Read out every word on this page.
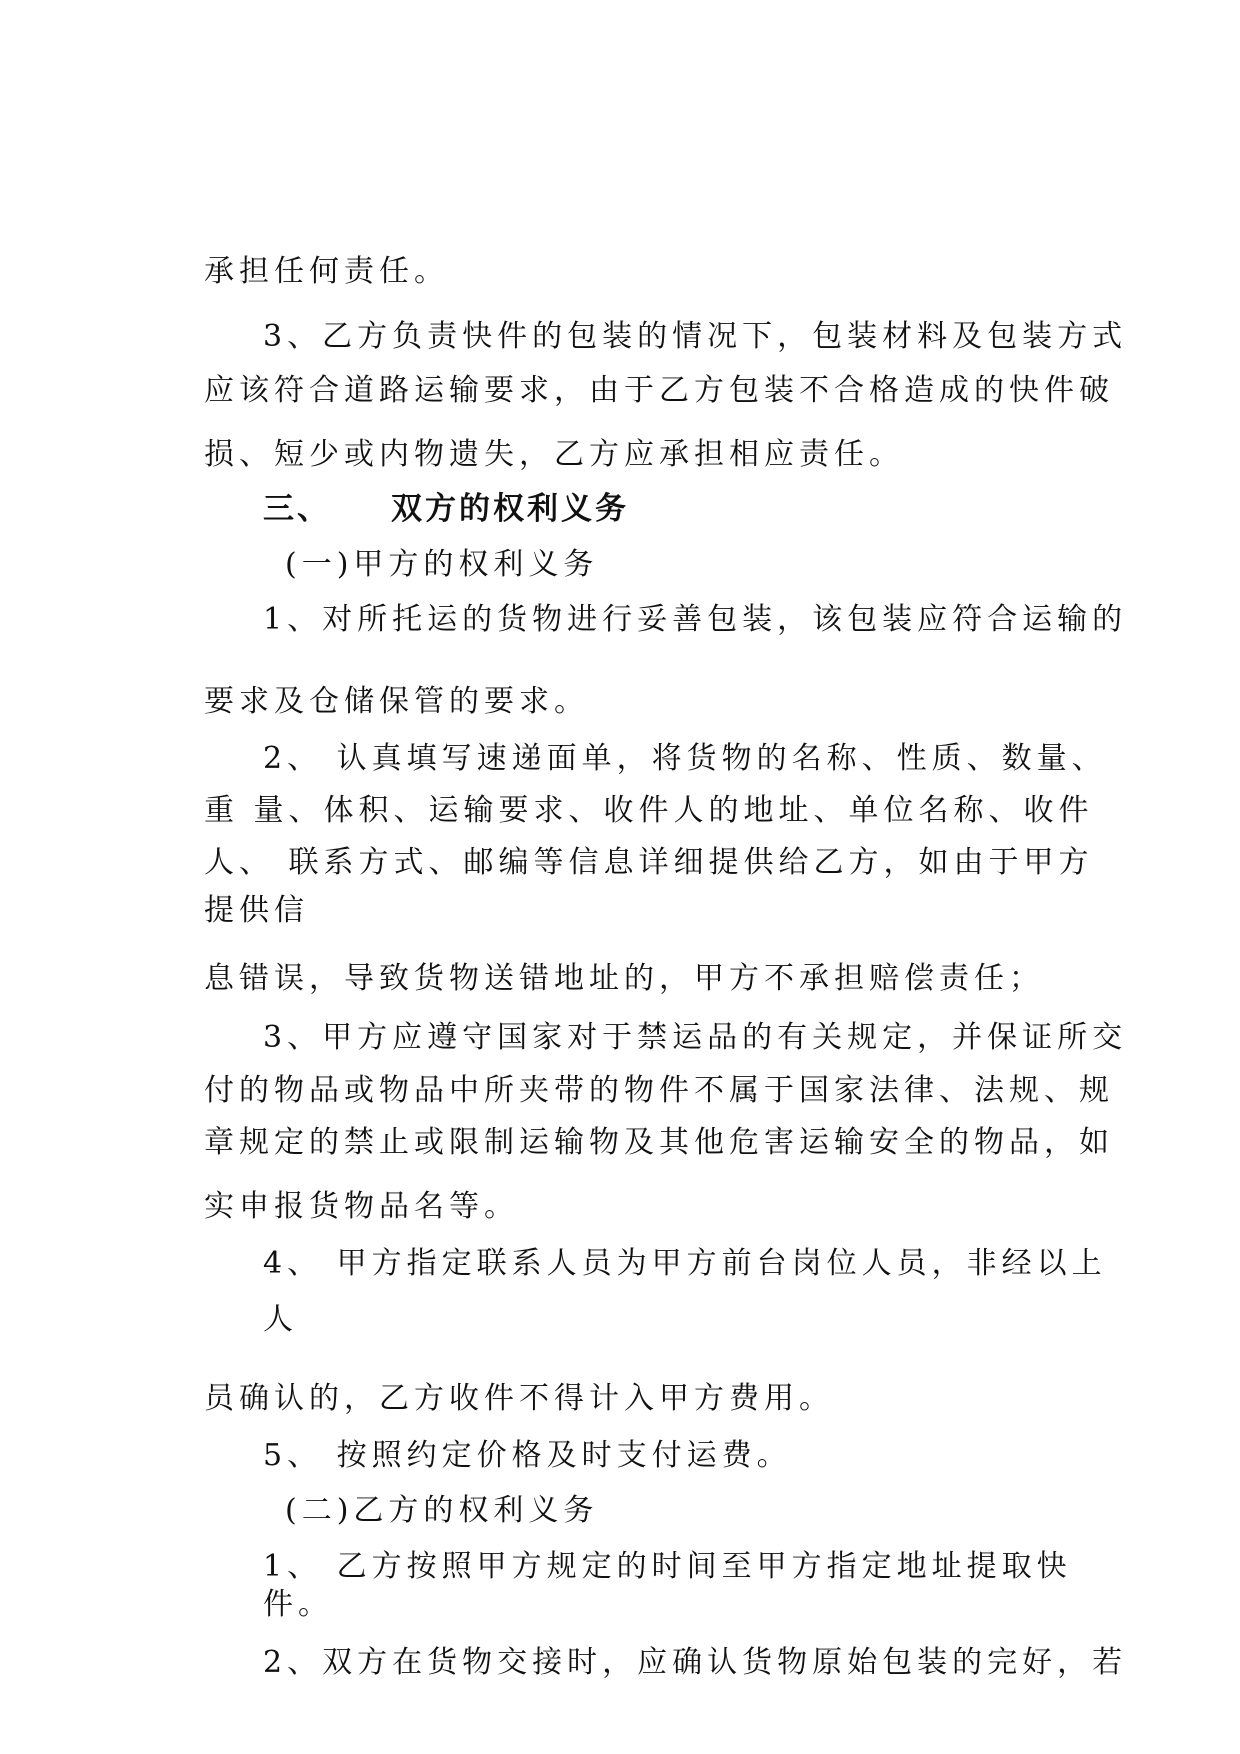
承担任何责任。

3、乙方负责快件的包装的情况下，包装材料及包装方式

应该符合道路运输要求，由于乙方包装不合格造成的快件破

损、短少或内物遗失，乙方应承担相应责任。

三、 双方的权利义务

(一)甲方的权利义务

1、对所托运的货物进行妥善包装，该包装应符合运输的

要求及仓储保管的要求。

2、 认真填写速递面单，将货物的名称、性质、数量、

重 量、体积、运输要求、收件人的地址、单位名称、收件

人、 联系方式、邮编等信息详细提供给乙方，如由于甲方

提供信

息错误，导致货物送错地址的，甲方不承担赔偿责任；

3、甲方应遵守国家对于禁运品的有关规定，并保证所交

付的物品或物品中所夹带的物件不属于国家法律、法规、规

章规定的禁止或限制运输物及其他危害运输安全的物品，如

实申报货物品名等。

4、 甲方指定联系人员为甲方前台岗位人员，非经以上

人

员确认的，乙方收件不得计入甲方费用。

5、 按照约定价格及时支付运费。

(二)乙方的权利义务

1、 乙方按照甲方规定的时间至甲方指定地址提取快

件。

2、双方在货物交接时，应确认货物原始包装的完好，若
